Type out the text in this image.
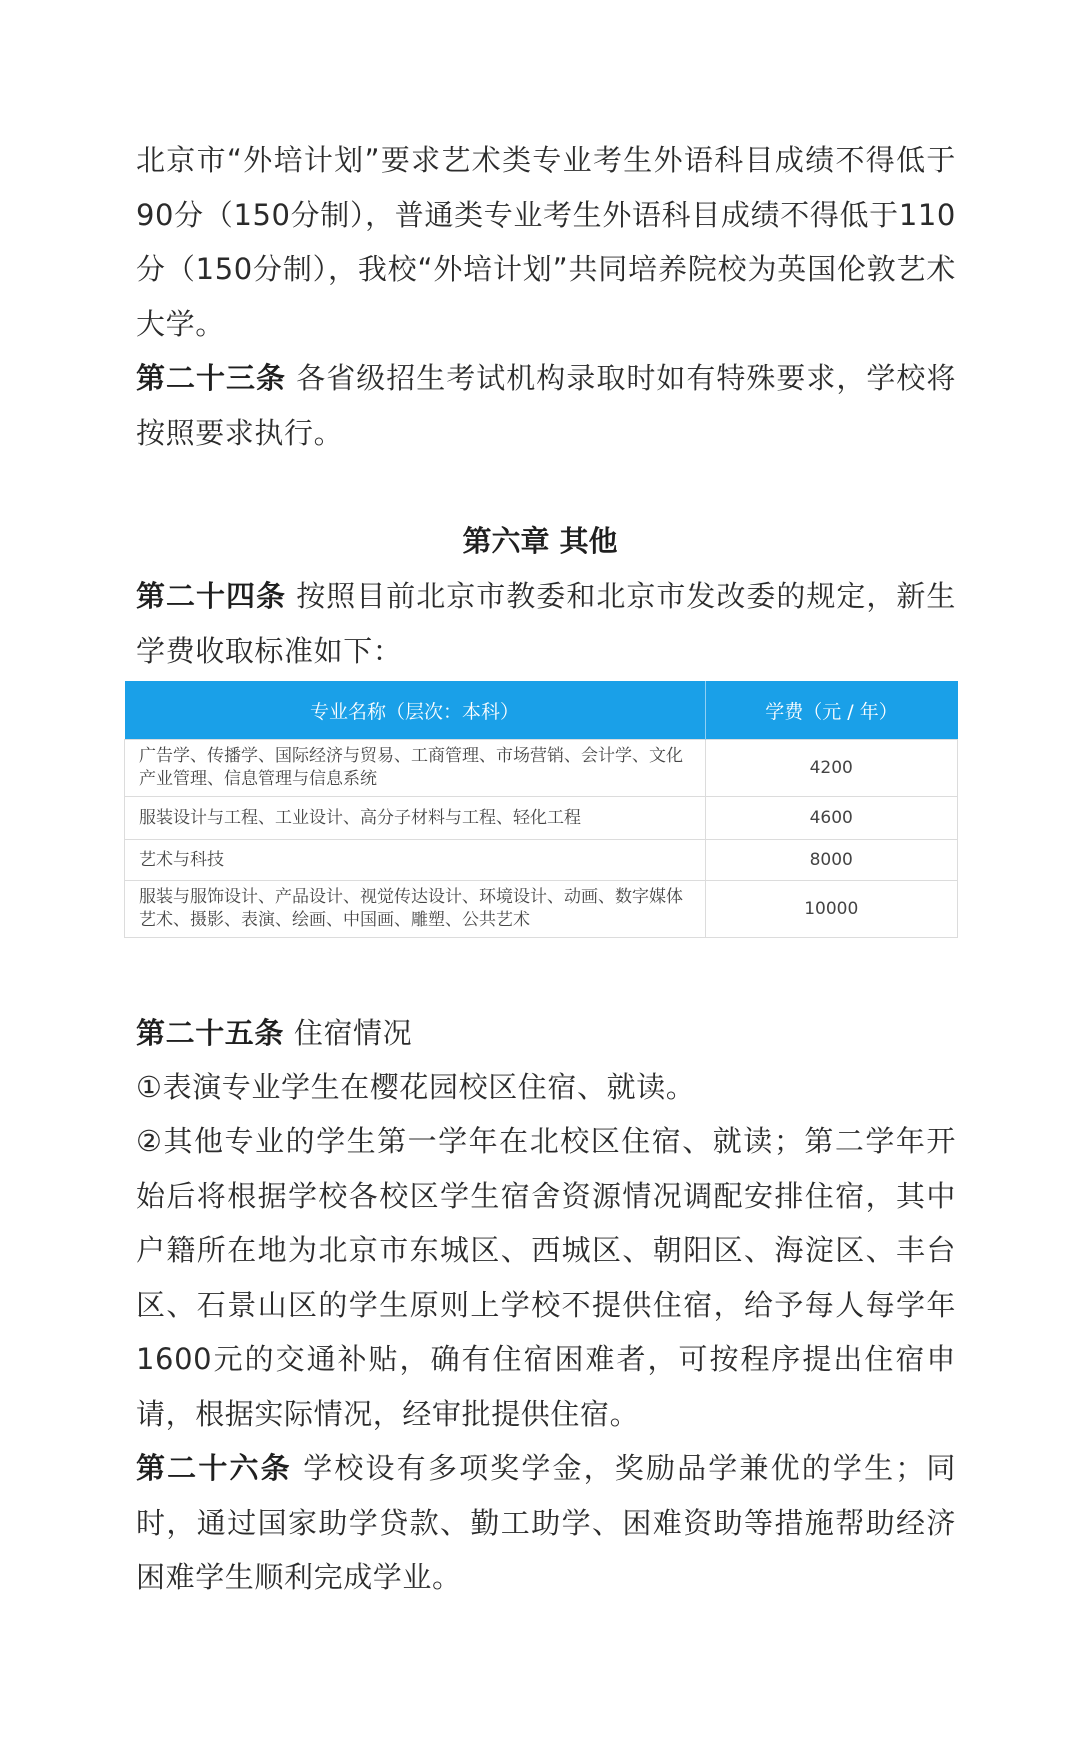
北京市“外培计划”要求艺术类专业考生外语科目成绩不得低于90分（150分制），普通类专业考生外语科目成绩不得低于110分（150分制），我校“外培计划”共同培养院校为英国伦敦艺术大学。

第二十三条 各省级招生考试机构录取时如有特殊要求，学校将按照要求执行。

第六章 其他

第二十四条 按照目前北京市教委和北京市发改委的规定，新生学费收取标准如下：

专业名称（层次：本科）	学费（元 / 年）
广告学、传播学、国际经济与贸易、工商管理、市场营销、会计学、文化产业管理、信息管理与信息系统	4200
服装设计与工程、工业设计、高分子材料与工程、轻化工程	4600
艺术与科技	8000
服装与服饰设计、产品设计、视觉传达设计、环境设计、动画、数字媒体艺术、摄影、表演、绘画、中国画、雕塑、公共艺术	10000

第二十五条 住宿情况

①表演专业学生在樱花园校区住宿、就读。

②其他专业的学生第一学年在北校区住宿、就读；第二学年开始后将根据学校各校区学生宿舍资源情况调配安排住宿，其中户籍所在地为北京市东城区、西城区、朝阳区、海淀区、丰台区、石景山区的学生原则上学校不提供住宿，给予每人每学年1600元的交通补贴，确有住宿困难者，可按程序提出住宿申请，根据实际情况，经审批提供住宿。

第二十六条 学校设有多项奖学金，奖励品学兼优的学生；同时，通过国家助学贷款、勤工助学、困难资助等措施帮助经济困难学生顺利完成学业。
